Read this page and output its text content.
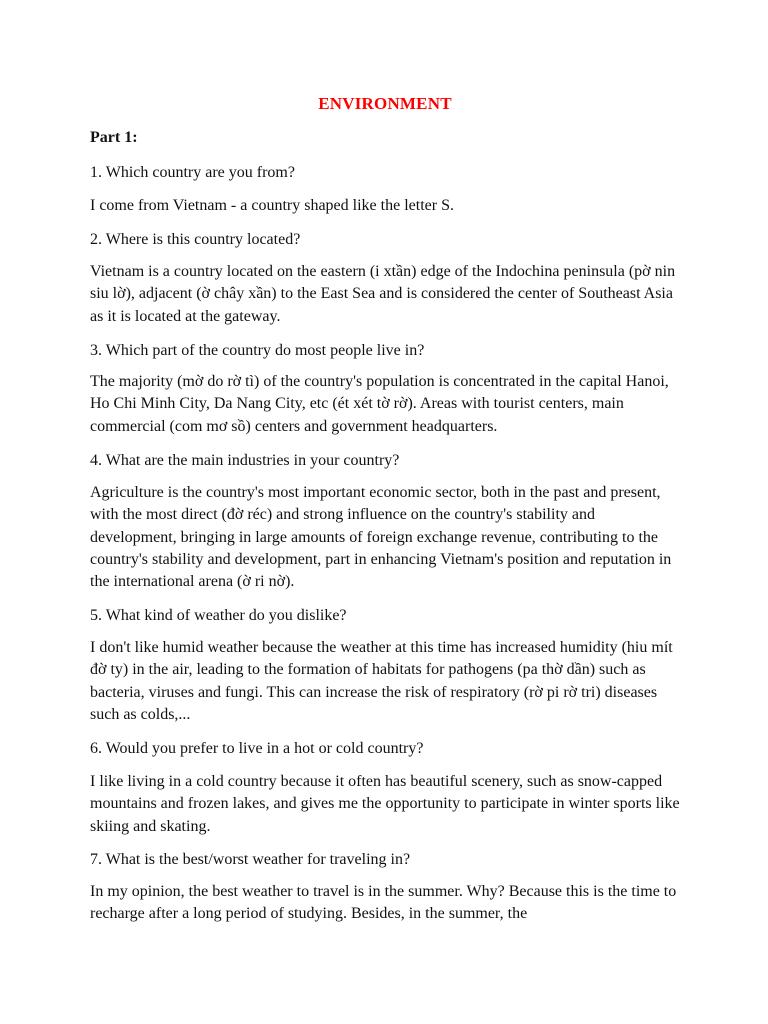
ENVIRONMENT

Part 1:

1. Which country are you from?

I come from Vietnam - a country shaped like the letter S.

2. Where is this country located?

Vietnam is a country located on the eastern (i xtần) edge of the Indochina peninsula (pờ nin siu lờ), adjacent (ờ chây xần) to the East Sea and is considered the center of Southeast Asia as it is located at the gateway.

3. Which part of the country do most people live in?

The majority (mờ do rờ tì) of the country's population is concentrated in the capital Hanoi, Ho Chi Minh City, Da Nang City, etc (ét xét tờ rờ). Areas with tourist centers, main commercial (com mơ sồ) centers and government headquarters.

4. What are the main industries in your country?

Agriculture is the country's most important economic sector, both in the past and present, with the most direct (đờ réc) and strong influence on the country's stability and development, bringing in large amounts of foreign exchange revenue, contributing to the country's stability and development, part in enhancing Vietnam's position and reputation in the international arena (ờ ri nờ).

5. What kind of weather do you dislike?

I don't like humid weather because the weather at this time has increased humidity (hiu mít đờ ty) in the air, leading to the formation of habitats for pathogens (pa thờ dần) such as bacteria, viruses and fungi. This can increase the risk of respiratory (rờ pi rờ tri) diseases such as colds,...

6. Would you prefer to live in a hot or cold country?

I like living in a cold country because it often has beautiful scenery, such as snow-capped mountains and frozen lakes, and gives me the opportunity to participate in winter sports like skiing and skating.

7. What is the best/worst weather for traveling in?

In my opinion, the best weather to travel is in the summer. Why? Because this is the time to recharge after a long period of studying. Besides, in the summer, the
